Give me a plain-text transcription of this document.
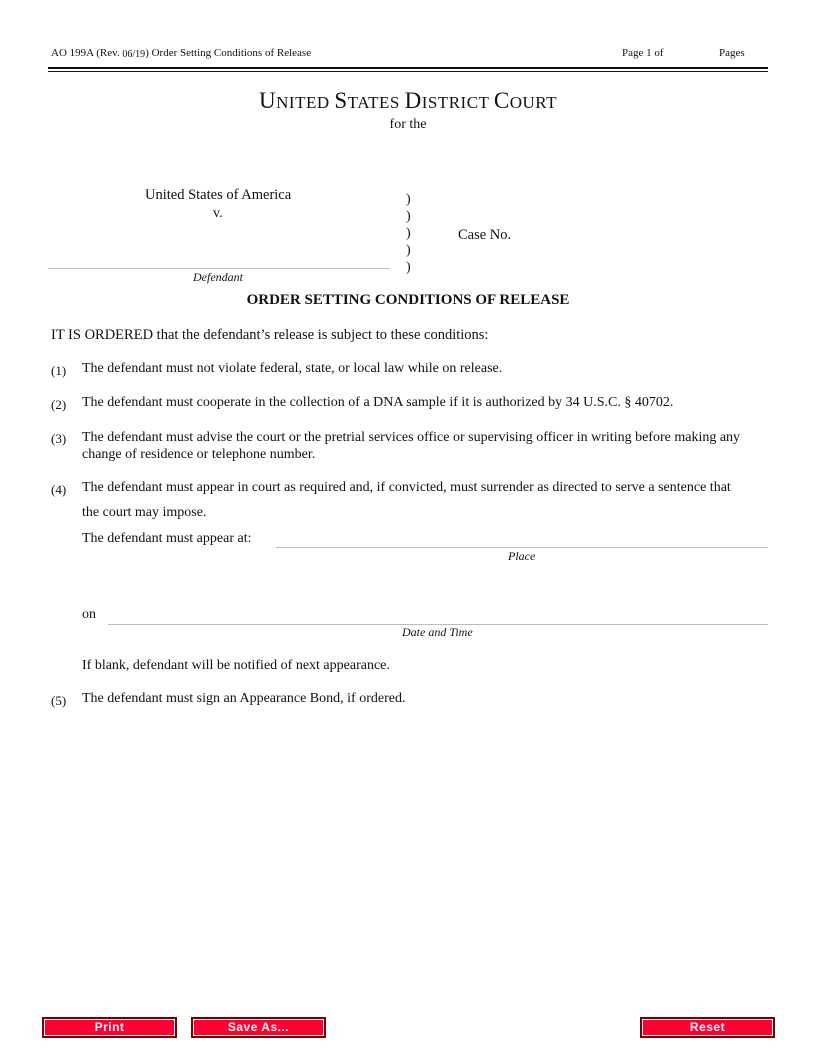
AO 199A (Rev. 06/19) Order Setting Conditions of Release	Page 1 of	Pages
UNITED STATES DISTRICT COURT
for the
United States of America
v.
Defendant
)
)
)
)
)
Case No.
ORDER SETTING CONDITIONS OF RELEASE
IT IS ORDERED that the defendant’s release is subject to these conditions:
(1) The defendant must not violate federal, state, or local law while on release.
(2) The defendant must cooperate in the collection of a DNA sample if it is authorized by 34 U.S.C. § 40702.
(3) The defendant must advise the court or the pretrial services office or supervising officer in writing before making any change of residence or telephone number.
(4) The defendant must appear in court as required and, if convicted, must surrender as directed to serve a sentence that
the court may impose.
The defendant must appear at:
Place
on
Date and Time
If blank, defendant will be notified of next appearance.
(5) The defendant must sign an Appearance Bond, if ordered.
Print	Save As...	Reset
